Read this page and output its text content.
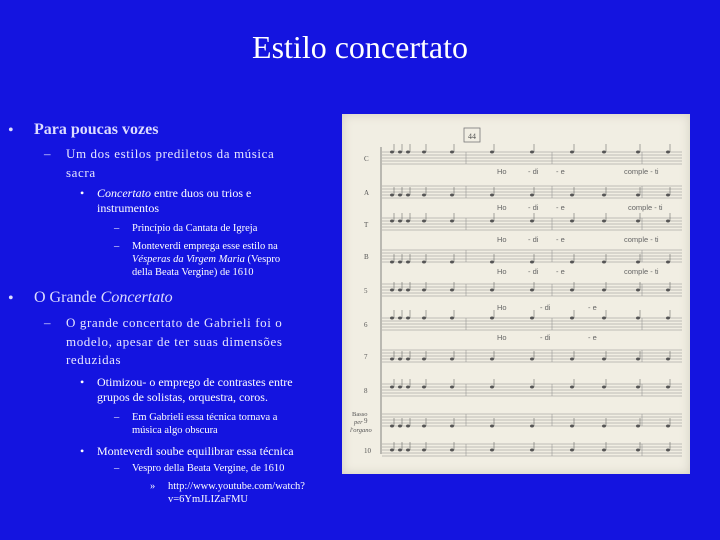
Estilo concertato
• Para poucas vozes
– Um dos estilos prediletos da música
sacra
• Concertato entre duos ou trios e
instrumentos
– Princípio da Cantata de Igreja
– Monteverdi emprega esse estilo na
Vésperas da Virgem Maria (Vespro
della Beata Vergine) de 1610
• O Grande Concertato
– O grande concertato de Gabrieli foi o
modelo, apesar de ter suas dimensões
reduzidas
• Otimizou- o emprego de contrastes entre
grupos de solistas, orquestra, coros.
– Em Gabrieli essa técnica tornava a
música algo obscura
• Monteverdi soube equilibrar essa técnica
– Vespro della Beata Vergine, de 1610
» http://www.youtube.com/watch?
v=6YmJLIZaFMU
44
C
A
T
B
5
6
7
8
9
10
Ho	- di - e	comple - ti
Ho	- di - e	comple - ti
Ho	- di - e	comple - ti
Ho	- di - e	comple - ti
Ho	- di	- e
Ho	- di	- e
Basso
per
l'organo
